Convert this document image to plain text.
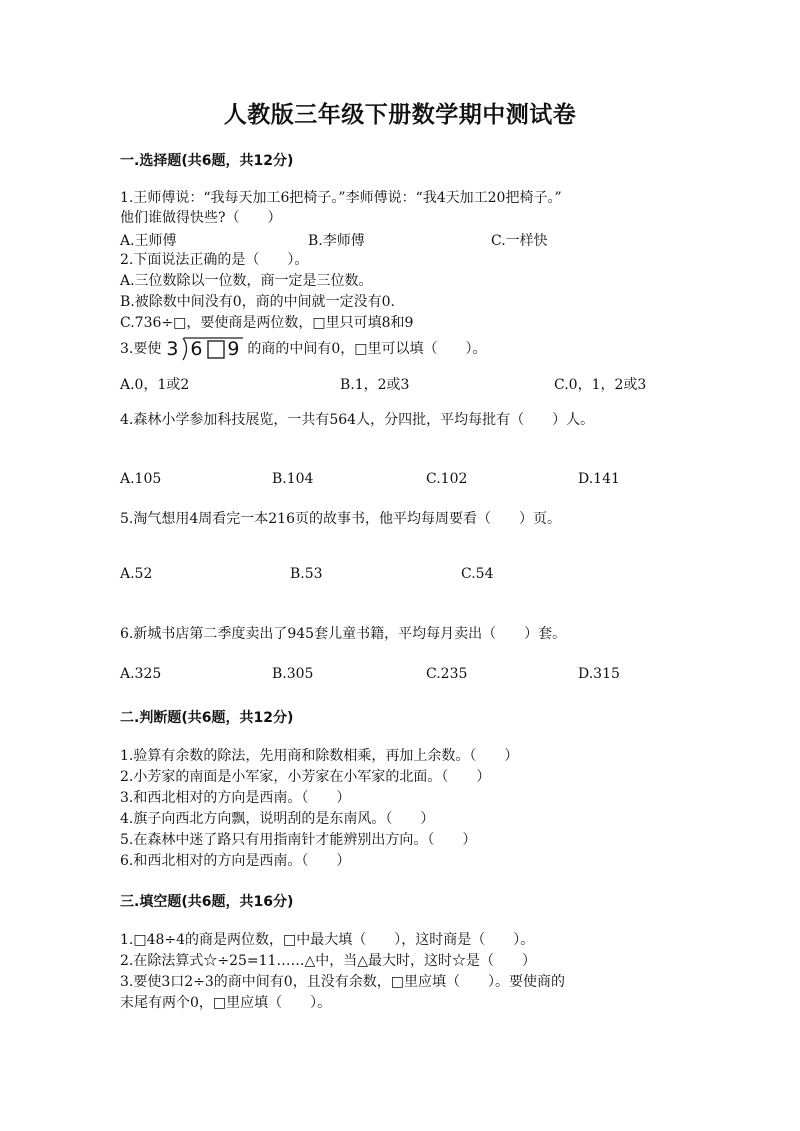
人教版三年级下册数学期中测试卷
一.选择题(共6题，共12分)
1.王师傅说：“我每天加工6把椅子。”李师傅说：“我4天加工20把椅子。”
他们谁做得快些?（　　）
A.王师傅	B.李师傅	C.一样快
2.下面说法正确的是（　　）。
A.三位数除以一位数，商一定是三位数。
B.被除数中间没有0，商的中间就一定没有0.
C.736÷□，要使商是两位数，□里只可填8和9
3.要使 3 6 9 的商的中间有0，□里可以填（　　）。
A.0，1或2	B.1，2或3	C.0，1，2或3
4.森林小学参加科技展览，一共有564人，分四批，平均每批有（　　）人。
A.105	B.104	C.102	D.141
5.淘气想用4周看完一本216页的故事书，他平均每周要看（　　）页。
A.52	B.53	C.54
6.新城书店第二季度卖出了945套儿童书籍，平均每月卖出（　　）套。
A.325	B.305	C.235	D.315
二.判断题(共6题，共12分)
1.验算有余数的除法，先用商和除数相乘，再加上余数。（　　）
2.小芳家的南面是小军家，小芳家在小军家的北面。（　　）
3.和西北相对的方向是西南。（　　）
4.旗子向西北方向飘，说明刮的是东南风。（　　）
5.在森林中迷了路只有用指南针才能辨别出方向。（　　）
6.和西北相对的方向是西南。（　　）
三.填空题(共6题，共16分)
1.□48÷4的商是两位数，□中最大填（　　），这时商是（　　）。
2.在除法算式☆÷25=11……△中，当△最大时，这时☆是（　　）
3.要使3口2÷3的商中间有0，且没有余数，□里应填（　　）。要使商的
末尾有两个0，□里应填（　　）。
